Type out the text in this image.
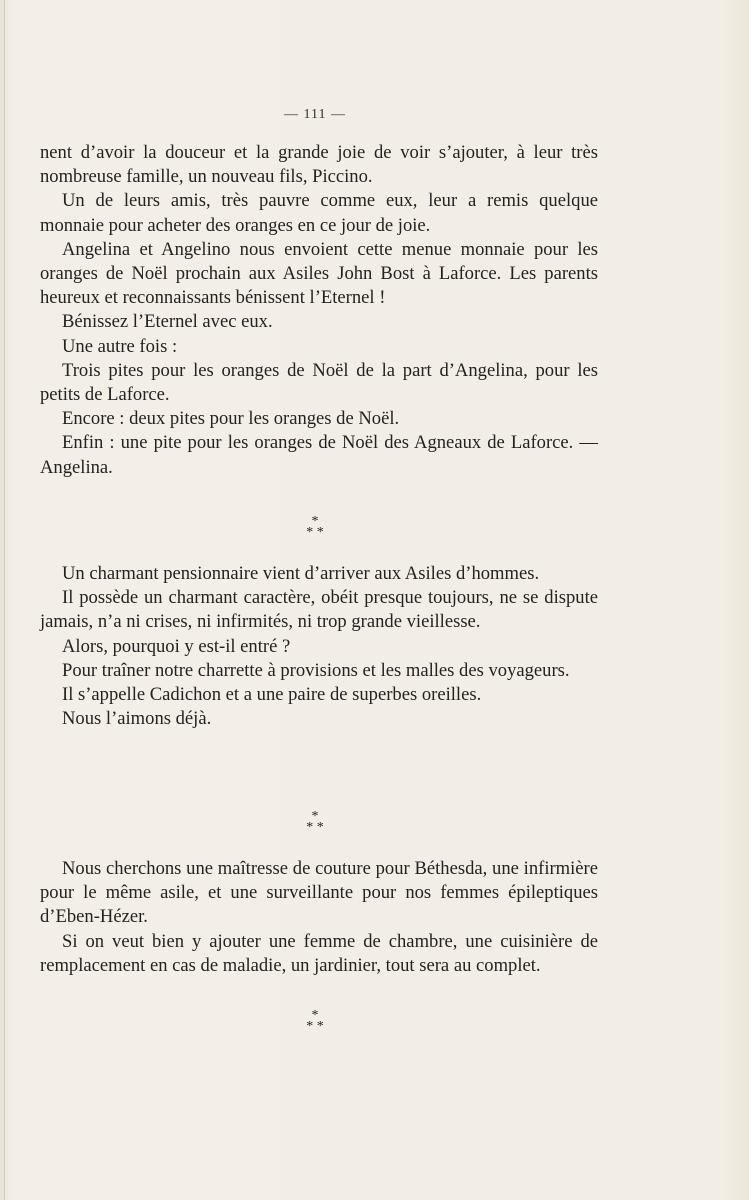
— 111 —

nent d’avoir la douceur et la grande joie de voir s’ajouter, à leur très nombreuse famille, un nouveau fils, Piccino.

Un de leurs amis, très pauvre comme eux, leur a remis quelque monnaie pour acheter des oranges en ce jour de joie.

Angelina et Angelino nous envoient cette menue monnaie pour les oranges de Noël prochain aux Asiles John Bost à Laforce. Les parents heureux et reconnaissants bénissent l’Eternel !

Bénissez l’Eternel avec eux.

Une autre fois :

Trois pites pour les oranges de Noël de la part d’Angelina, pour les petits de Laforce.

Encore : deux pites pour les oranges de Noël.

Enfin : une pite pour les oranges de Noël des Agneaux de Laforce. — Angelina.

*
* *

Un charmant pensionnaire vient d’arriver aux Asiles d’hommes.

Il possède un charmant caractère, obéit presque toujours, ne se dispute jamais, n’a ni crises, ni infirmités, ni trop grande vieillesse.

Alors, pourquoi y est-il entré ?

Pour traîner notre charrette à provisions et les malles des voyageurs.

Il s’appelle Cadichon et a une paire de superbes oreilles.

Nous l’aimons déjà.

*
* *

Nous cherchons une maîtresse de couture pour Béthesda, une infirmière pour le même asile, et une surveillante pour nos femmes épileptiques d’Eben-Hézer.

Si on veut bien y ajouter une femme de chambre, une cuisinière de remplacement en cas de maladie, un jardinier, tout sera au complet.

*
* *
